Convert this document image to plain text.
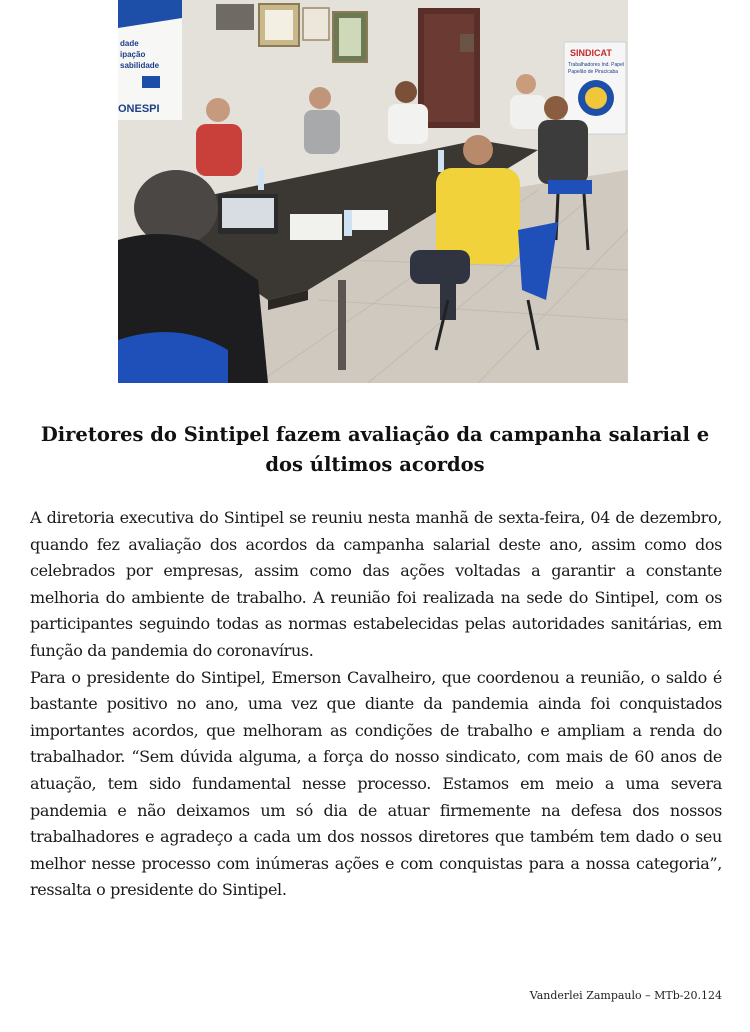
dade
ipação
sabilidade
ONESPI
SINDICAT
Trabalhadores Ind. Papel
Papelão de Piracicaba
Diretores do Sintipel fazem avaliação da campanha salarial e dos últimos acordos

A diretoria executiva do Sintipel se reuniu nesta manhã de sexta-feira, 04 de dezembro, quando fez avaliação dos acordos da campanha salarial deste ano, assim como dos celebrados por empresas, assim como das ações voltadas a garantir a constante melhoria do ambiente de trabalho. A reunião foi realizada na sede do Sintipel, com os participantes seguindo todas as normas estabelecidas pelas autoridades sanitárias, em função da pandemia do coronavírus.

Para o presidente do Sintipel, Emerson Cavalheiro, que coordenou a reunião, o saldo é bastante positivo no ano, uma vez que diante da pandemia ainda foi conquistados importantes acordos, que melhoram as condições de trabalho e ampliam a renda do trabalhador. “Sem dúvida alguma, a força do nosso sindicato, com mais de 60 anos de atuação, tem sido fundamental nesse processo. Estamos em meio a uma severa pandemia e não deixamos um só dia de atuar firmemente na defesa dos nossos trabalhadores e agradeço a cada um dos nossos diretores que também tem dado o seu melhor nesse processo com inúmeras ações e com conquistas para a nossa categoria”, ressalta o presidente do Sintipel.

Vanderlei Zampaulo – MTb-20.124
